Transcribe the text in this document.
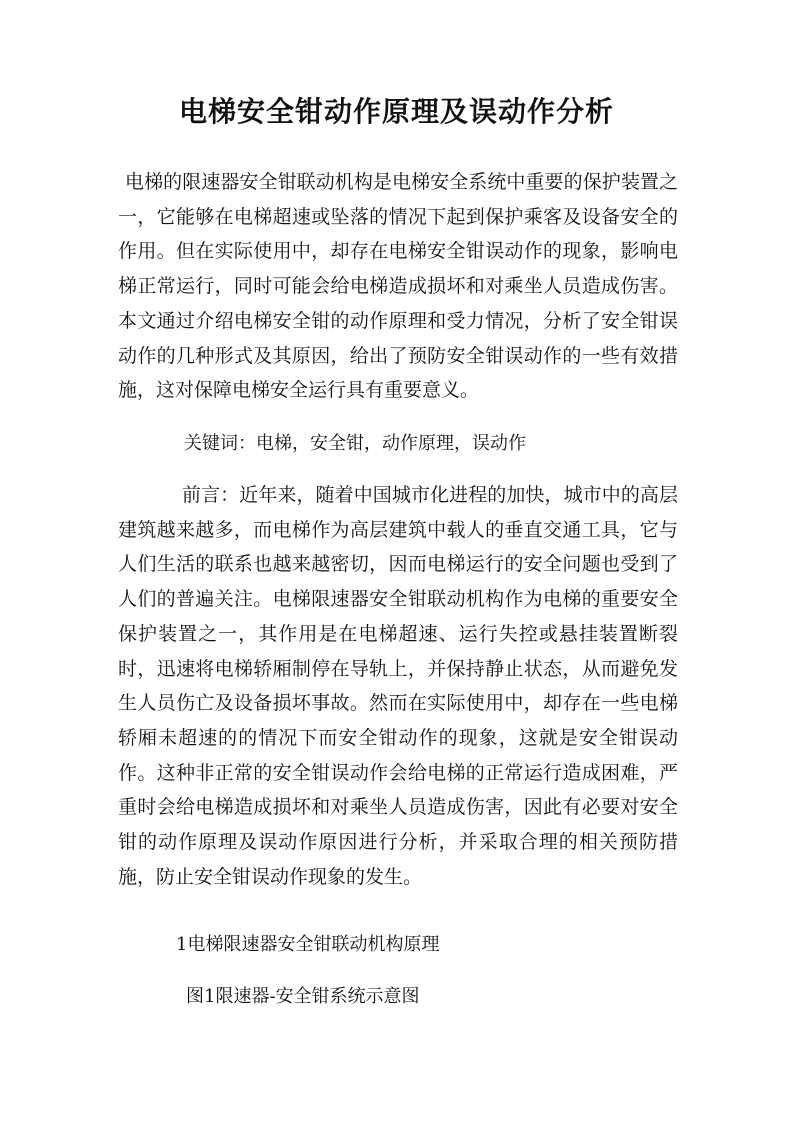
电梯安全钳动作原理及误动作分析

电梯的限速器安全钳联动机构是电梯安全系统中重要的保护装置之一，它能够在电梯超速或坠落的情况下起到保护乘客及设备安全的作用。但在实际使用中，却存在电梯安全钳误动作的现象，影响电梯正常运行，同时可能会给电梯造成损坏和对乘坐人员造成伤害。本文通过介绍电梯安全钳的动作原理和受力情况，分析了安全钳误动作的几种形式及其原因，给出了预防安全钳误动作的一些有效措施，这对保障电梯安全运行具有重要意义。

关键词：电梯，安全钳，动作原理，误动作

前言：近年来，随着中国城市化进程的加快，城市中的高层建筑越来越多，而电梯作为高层建筑中载人的垂直交通工具，它与人们生活的联系也越来越密切，因而电梯运行的安全问题也受到了人们的普遍关注。电梯限速器安全钳联动机构作为电梯的重要安全保护装置之一，其作用是在电梯超速、运行失控或悬挂装置断裂时，迅速将电梯轿厢制停在导轨上，并保持静止状态，从而避免发生人员伤亡及设备损坏事故。然而在实际使用中，却存在一些电梯轿厢未超速的的情况下而安全钳动作的现象，这就是安全钳误动作。这种非正常的安全钳误动作会给电梯的正常运行造成困难，严重时会给电梯造成损坏和对乘坐人员造成伤害，因此有必要对安全钳的动作原理及误动作原因进行分析，并采取合理的相关预防措施，防止安全钳误动作现象的发生。

1电梯限速器安全钳联动机构原理

图1限速器-安全钳系统示意图
